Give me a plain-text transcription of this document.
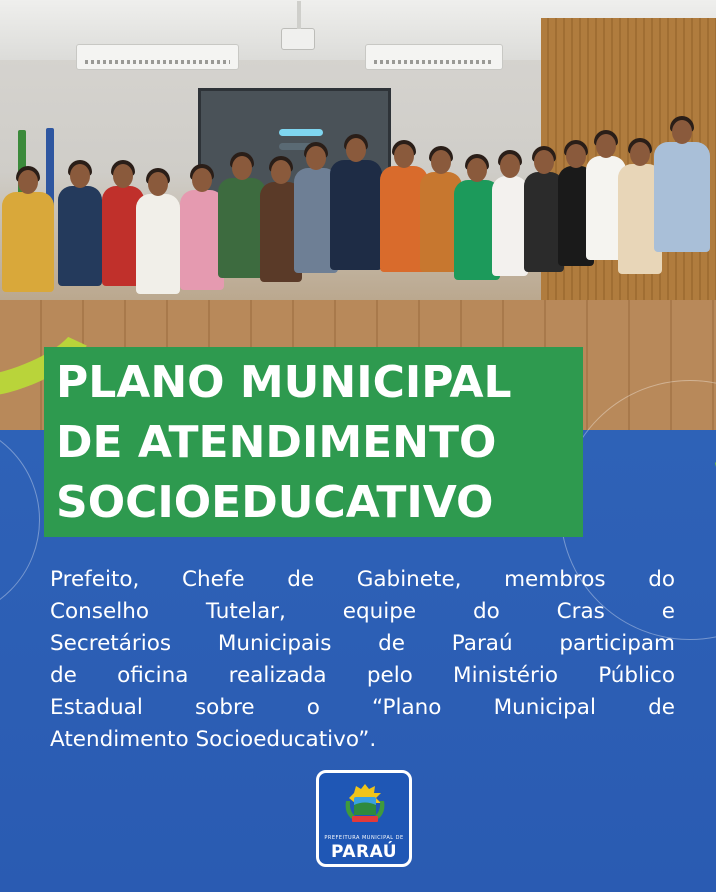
PLANO MUNICIPAL
DE ATENDIMENTO
SOCIOEDUCATIVO
Prefeito, Chefe de Gabinete, membros do
Conselho Tutelar, equipe do Cras e
Secretários Municipais de Paraú participam
de oficina realizada pelo Ministério Público
Estadual sobre o “Plano Municipal de
Atendimento Socioeducativo”.
PREFEITURA MUNICIPAL DE
PARAÚ
